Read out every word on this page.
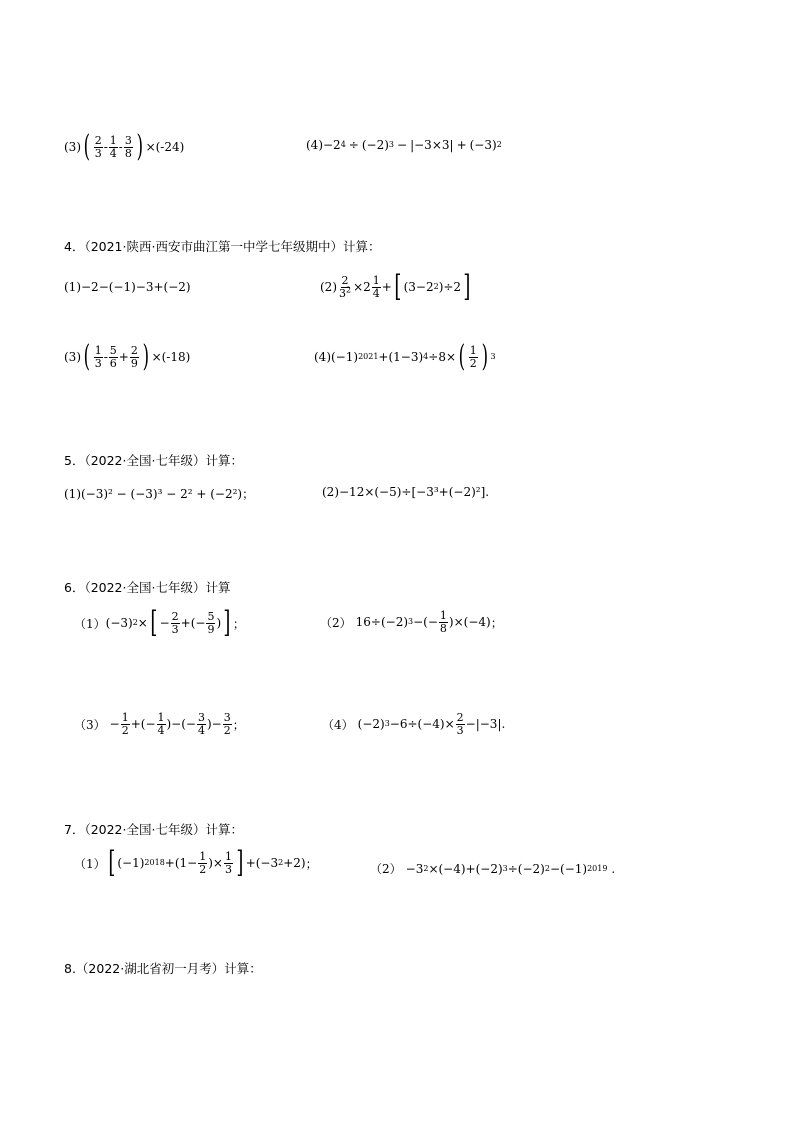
(3) ( $\frac{2}{3} - \frac{1}{4} - \frac{3}{8}$ ) × (-24)	(4) −2 4 ÷ (−2) 3 − | −3×3 | + (−3) 2
4．（2021·陕西·西安市曲江第一中学七年级期中）计算：
(1)−2−(−1)−3+(−2)	$(2) \frac{2}{3^2} \times 2 \frac{1}{4}$ + [ (3−2 2 )÷2 ]
(3) ( $\frac{1}{3} - \frac{5}{6} + \frac{2}{9}$ ) ×(-18)	(4) (−1) 2021 +(1−3) 4 ÷8× ( $\frac{1}{2}$ ) 3
5．（2022·全国·七年级）计算：
(1)(−3)² − (−3)³ − 2² + (−2²)；	(2)−12×(−5)÷[−3³+(−2)²].
6．（2022·全国·七年级）计算
（1） (−3) 2 × [ − $\frac{2}{3}$ +(− $\frac{5}{9}$ ) ] ；	（2） 16÷(−2) 3 −(− $\frac{1}{8} )\times(-4)$ ；
$(3) - \frac{1}{2}$ +(− $\frac{1}{4}$ )−(− $\frac{3}{4}$ )− $\frac{3}{2}$ ；	（4） (−2) $3 -6\div(-4)\times \frac{2}{3} -|-3|$ .
7．（2022·全国·七年级）计算：
（1） [ (−1) $2018 +(1- \frac{1}{2}$ )× $\frac{1}{3}$ ] +(−3 2 +2) ；	（2） −3 2 ×(−4)+(−2) 3 ÷(−2) 2 −(−1) 2019 .
8.（2022·湖北省初一月考）计算：
